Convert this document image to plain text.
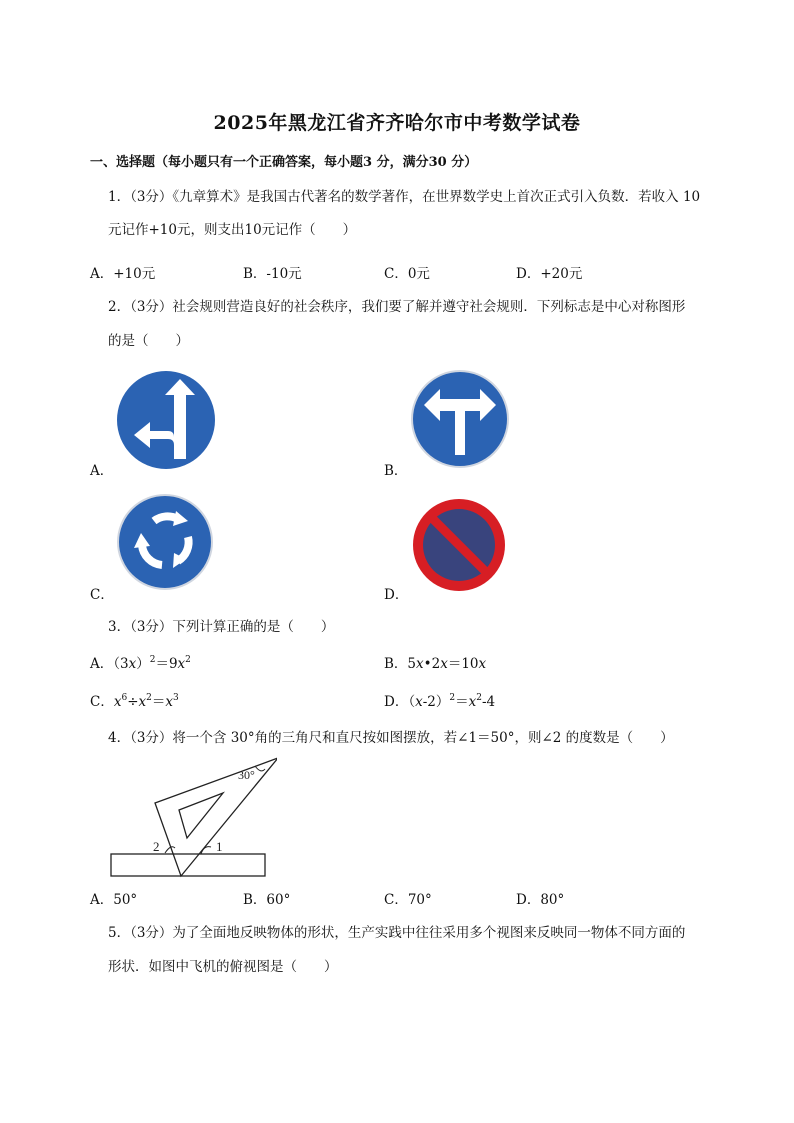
2025年黑龙江省齐齐哈尔市中考数学试卷
一、选择题（每小题只有一个正确答案，每小题3 分，满分30 分）
1．（3分）《九章算术》是我国古代著名的数学著作，在世界数学史上首次正式引入负数．若收入 10
元记作+10元，则支出10元记作（　　）
A．+10元	B．-10元	C．0元	D．+20元
2．（3分）社会规则营造良好的社会秩序，我们要了解并遵守社会规则．下列标志是中心对称图形
的是（　　）
A．	B．
C．	D．
3．（3分）下列计算正确的是（　　）
A．$(3x)^2=9x^2$	B．5x•2x＝10x
C．$x^6\div x^2=x^3$	D．$(x-2)^2=x^2-4$
4．（3分）将一个含 30°角的三角尺和直尺按如图摆放，若∠1＝50°，则∠2 的度数是（　　）
30°
2	1
A．50°	B．60°	C．70°	D．80°
5．（3分）为了全面地反映物体的形状，生产实践中往往采用多个视图来反映同一物体不同方面的
形状．如图中飞机的俯视图是（　　）
